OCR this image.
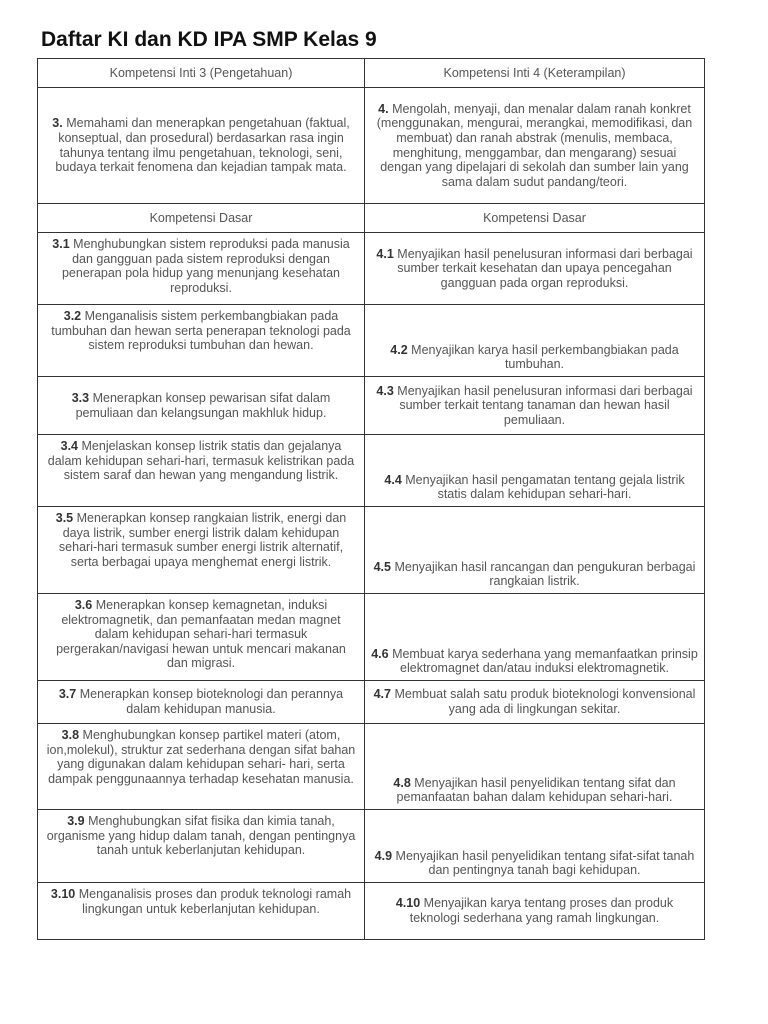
Daftar KI dan KD IPA SMP Kelas 9
Kompetensi Inti 3 (Pengetahuan)	Kompetensi Inti 4 (Keterampilan)
3. Memahami dan menerapkan pengetahuan (faktual, konseptual, dan prosedural) berdasarkan rasa ingin tahunya tentang ilmu pengetahuan, teknologi, seni, budaya terkait fenomena dan kejadian tampak mata.	4. Mengolah, menyaji, dan menalar dalam ranah konkret (menggunakan, mengurai, merangkai, memodifikasi, dan membuat) dan ranah abstrak (menulis, membaca, menghitung, menggambar, dan mengarang) sesuai dengan yang dipelajari di sekolah dan sumber lain yang sama dalam sudut pandang/teori.
Kompetensi Dasar	Kompetensi Dasar
3.1 Menghubungkan sistem reproduksi pada manusia dan gangguan pada sistem reproduksi dengan penerapan pola hidup yang menunjang kesehatan reproduksi.	4.1 Menyajikan hasil penelusuran informasi dari berbagai sumber terkait kesehatan dan upaya pencegahan gangguan pada organ reproduksi.
3.2 Menganalisis sistem perkembangbiakan pada tumbuhan dan hewan serta penerapan teknologi pada sistem reproduksi tumbuhan dan hewan.	4.2 Menyajikan karya hasil perkembangbiakan pada tumbuhan.
3.3 Menerapkan konsep pewarisan sifat dalam pemuliaan dan kelangsungan makhluk hidup.	4.3 Menyajikan hasil penelusuran informasi dari berbagai sumber terkait tentang tanaman dan hewan hasil pemuliaan.
3.4 Menjelaskan konsep listrik statis dan gejalanya dalam kehidupan sehari-hari, termasuk kelistrikan pada sistem saraf dan hewan yang mengandung listrik.	4.4 Menyajikan hasil pengamatan tentang gejala listrik statis dalam kehidupan sehari-hari.
3.5 Menerapkan konsep rangkaian listrik, energi dan daya listrik, sumber energi listrik dalam kehidupan sehari-hari termasuk sumber energi listrik alternatif, serta berbagai upaya menghemat energi listrik.	4.5 Menyajikan hasil rancangan dan pengukuran berbagai rangkaian listrik.
3.6 Menerapkan konsep kemagnetan, induksi elektromagnetik, dan pemanfaatan medan magnet dalam kehidupan sehari-hari termasuk pergerakan/navigasi hewan untuk mencari makanan dan migrasi.	4.6 Membuat karya sederhana yang memanfaatkan prinsip elektromagnet dan/atau induksi elektromagnetik.
3.7 Menerapkan konsep bioteknologi dan perannya dalam kehidupan manusia.	4.7 Membuat salah satu produk bioteknologi konvensional yang ada di lingkungan sekitar.
3.8 Menghubungkan konsep partikel materi (atom, ion,molekul), struktur zat sederhana dengan sifat bahan yang digunakan dalam kehidupan sehari- hari, serta dampak penggunaannya terhadap kesehatan manusia.	4.8 Menyajikan hasil penyelidikan tentang sifat dan pemanfaatan bahan dalam kehidupan sehari-hari.
3.9 Menghubungkan sifat fisika dan kimia tanah, organisme yang hidup dalam tanah, dengan pentingnya tanah untuk keberlanjutan kehidupan.	4.9 Menyajikan hasil penyelidikan tentang sifat-sifat tanah dan pentingnya tanah bagi kehidupan.
3.10 Menganalisis proses dan produk teknologi ramah lingkungan untuk keberlanjutan kehidupan.	4.10 Menyajikan karya tentang proses dan produk teknologi sederhana yang ramah lingkungan.
